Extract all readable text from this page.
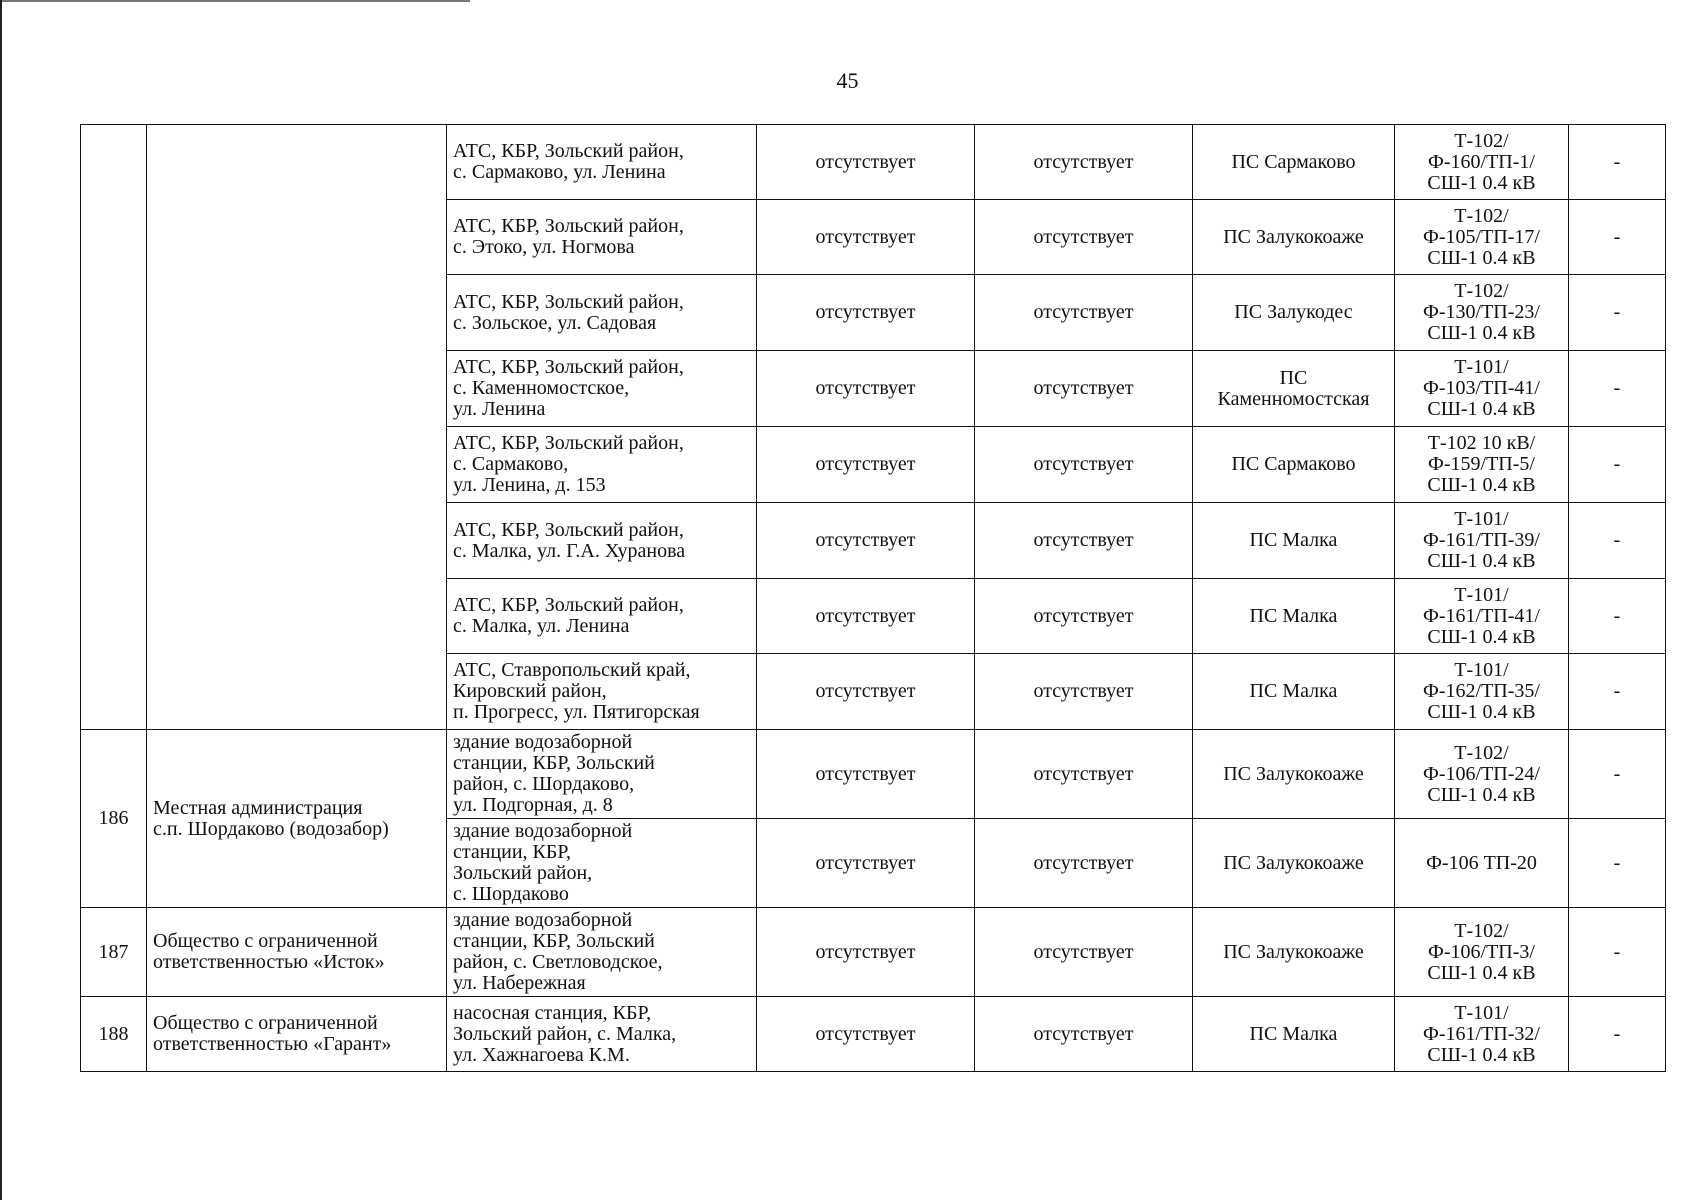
45

		АТС, КБР, Зольский район,
с. Сармаково, ул. Ленина	отсутствует	отсутствует	ПС Сармаково	Т-102/
Ф-160/ТП-1/
СШ-1 0.4 кВ	-

		АТС, КБР, Зольский район,
с. Этоко, ул. Ногмова	отсутствует	отсутствует	ПС Залукокоаже	Т-102/
Ф-105/ТП-17/
СШ-1 0.4 кВ	-

		АТС, КБР, Зольский район,
с. Зольское, ул. Садовая	отсутствует	отсутствует	ПС Залукодес	Т-102/
Ф-130/ТП-23/
СШ-1 0.4 кВ	-

		АТС, КБР, Зольский район,
с. Каменномостское,
ул. Ленина	отсутствует	отсутствует	ПС
Каменномостская	Т-101/
Ф-103/ТП-41/
СШ-1 0.4 кВ	-

		АТС, КБР, Зольский район,
с. Сармаково,
ул. Ленина, д. 153	отсутствует	отсутствует	ПС Сармаково	Т-102 10 кВ/
Ф-159/ТП-5/
СШ-1 0.4 кВ	-

		АТС, КБР, Зольский район,
с. Малка, ул. Г.А. Хуранова	отсутствует	отсутствует	ПС Малка	Т-101/
Ф-161/ТП-39/
СШ-1 0.4 кВ	-

		АТС, КБР, Зольский район,
с. Малка, ул. Ленина	отсутствует	отсутствует	ПС Малка	Т-101/
Ф-161/ТП-41/
СШ-1 0.4 кВ	-

		АТС, Ставропольский край,
Кировский район,
п. Прогресс, ул. Пятигорская	отсутствует	отсутствует	ПС Малка	Т-101/
Ф-162/ТП-35/
СШ-1 0.4 кВ	-
186	Местная администрация
с.п. Шордаково (водозабор)	здание водозаборной
станции, КБР, Зольский
район, с. Шордаково,
ул. Подгорная, д. 8	отсутствует	отсутствует	ПС Залукокоаже	Т-102/
Ф-106/ТП-24/
СШ-1 0.4 кВ	-

		здание водозаборной
станции, КБР,
Зольский район,
с. Шордаково	отсутствует	отсутствует	ПС Залукокоаже	Ф-106 ТП-20	-
187	Общество с ограниченной
ответственностью «Исток»	здание водозаборной
станции, КБР, Зольский
район, с. Светловодское,
ул. Набережная	отсутствует	отсутствует	ПС Залукокоаже	Т-102/
Ф-106/ТП-3/
СШ-1 0.4 кВ	-
188	Общество с ограниченной
ответственностью «Гарант»	насосная станция, КБР,
Зольский район, с. Малка,
ул. Хажнагоева К.М.	отсутствует	отсутствует	ПС Малка	Т-101/
Ф-161/ТП-32/
СШ-1 0.4 кВ	-
